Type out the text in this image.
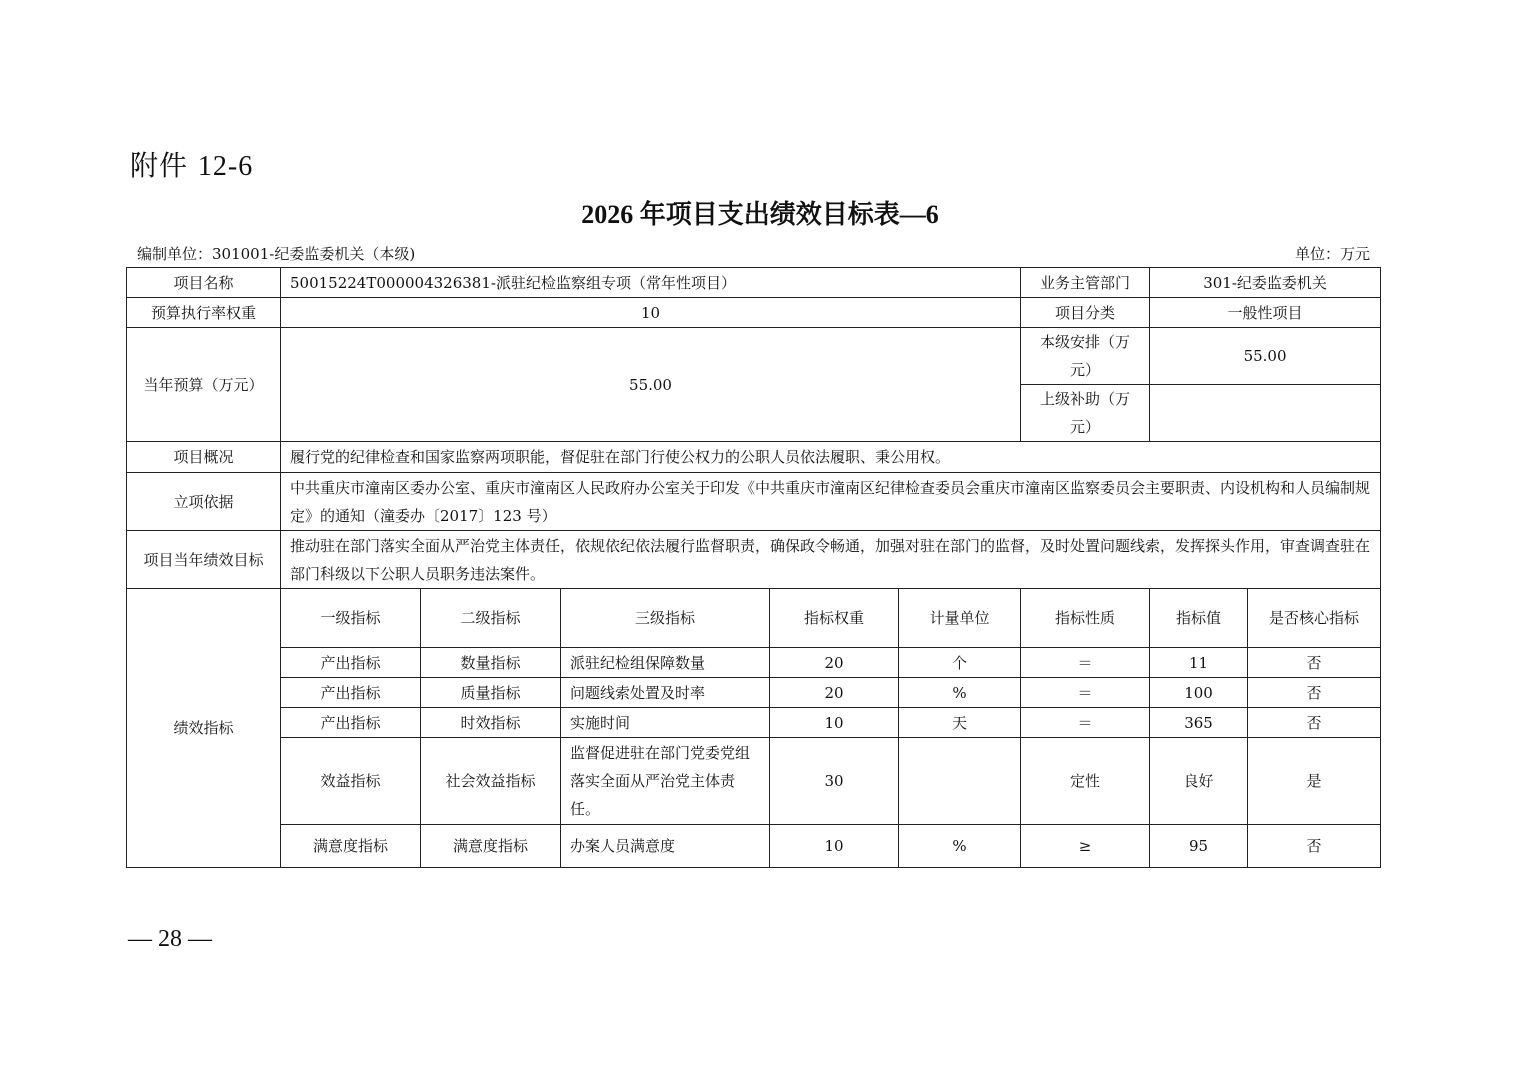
附件 12-6
2026 年项目支出绩效目标表—6
编制单位：301001-纪委监委机关（本级)	单位：万元
项目名称	50015224T000004326381-派驻纪检监察组专项（常年性项目）					业务主管部门	301-纪委监委机关	
预算执行率权重	10					项目分类	一般性项目	
当年预算（万元）	55.00					本级安排（万元）	55.00	
						上级补助（万元）		
项目概况	履行党的纪律检查和国家监察两项职能，督促驻在部门行使公权力的公职人员依法履职、秉公用权。							
立项依据	中共重庆市潼南区委办公室、重庆市潼南区人民政府办公室关于印发《中共重庆市潼南区纪律检查委员会重庆市潼南区监察委员会主要职责、内设机构和人员编制规定》的通知（潼委办〔2017〕123 号）							
项目当年绩效目标	推动驻在部门落实全面从严治党主体责任，依规依纪依法履行监督职责，确保政令畅通，加强对驻在部门的监督，及时处置问题线索，发挥探头作用，审查调查驻在部门科级以下公职人员职务违法案件。							
绩效指标	一级指标	二级指标	三级指标	指标权重	计量单位	指标性质	指标值	是否核心指标
	产出指标	数量指标	派驻纪检组保障数量	20	个	＝	11	否
	产出指标	质量指标	问题线索处置及时率	20	%	＝	100	否
	产出指标	时效指标	实施时间	10	天	＝	365	否
	效益指标	社会效益指标	监督促进驻在部门党委党组落实全面从严治党主体责任。	30		定性	良好	是
	满意度指标	满意度指标	办案人员满意度	10	%	≥	95	否
— 28 —
